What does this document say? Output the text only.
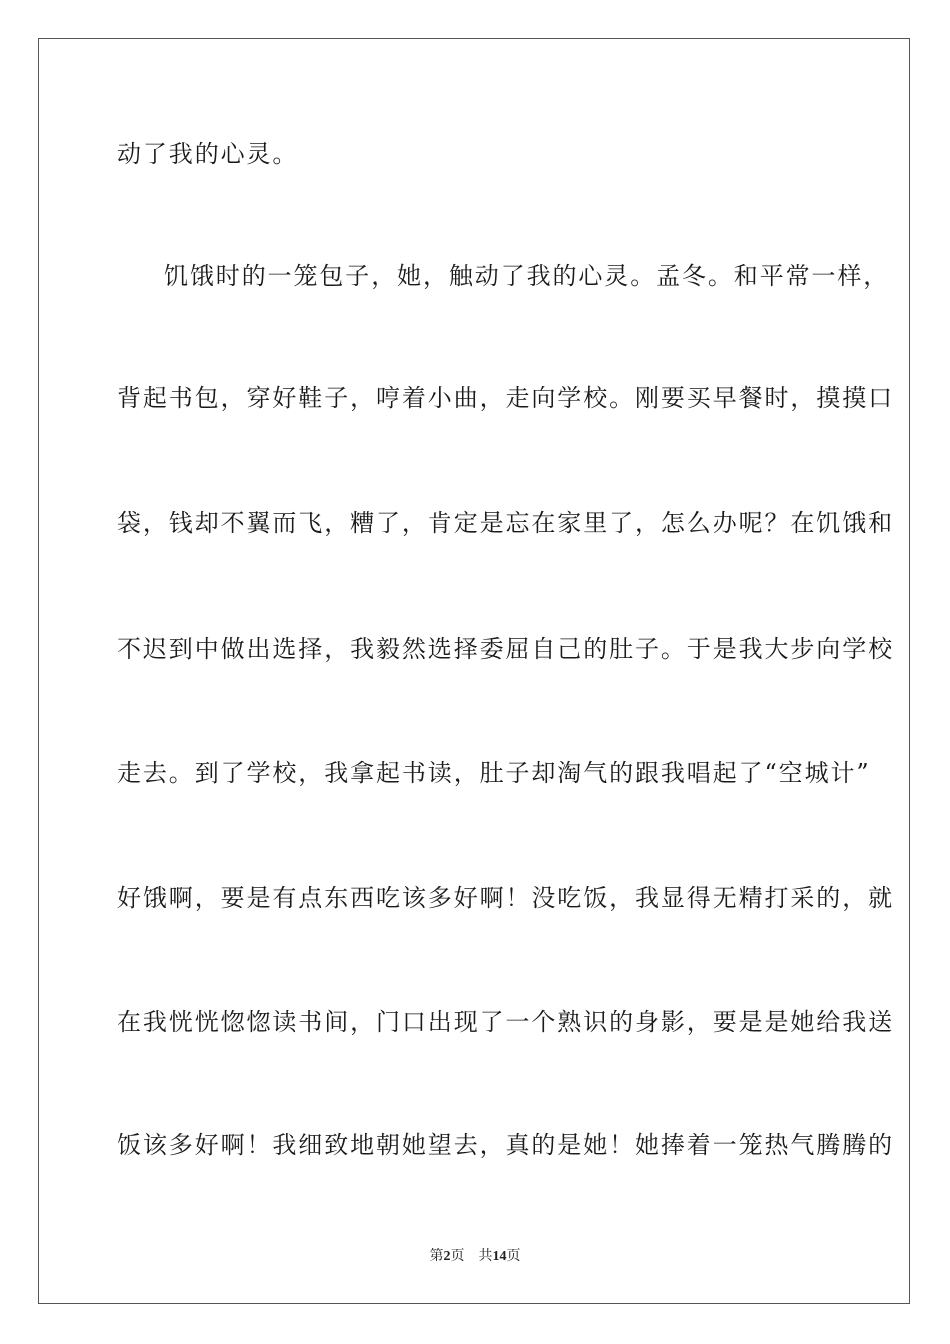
动了我的心灵。
饥饿时的一笼包子，她，触动了我的心灵。孟冬。和平常一样，
背起书包，穿好鞋子，哼着小曲，走向学校。刚要买早餐时，摸摸口
袋，钱却不翼而飞，糟了，肯定是忘在家里了，怎么办呢？在饥饿和
不迟到中做出选择，我毅然选择委屈自己的肚子。于是我大步向学校
走去。到了学校，我拿起书读，肚子却淘气的跟我唱起了“空城计”
好饿啊，要是有点东西吃该多好啊！没吃饭，我显得无精打采的，就
在我恍恍惚惚读书间，门口出现了一个熟识的身影，要是是她给我送
饭该多好啊！我细致地朝她望去，真的是她！她捧着一笼热气腾腾的
第2页 共14页
